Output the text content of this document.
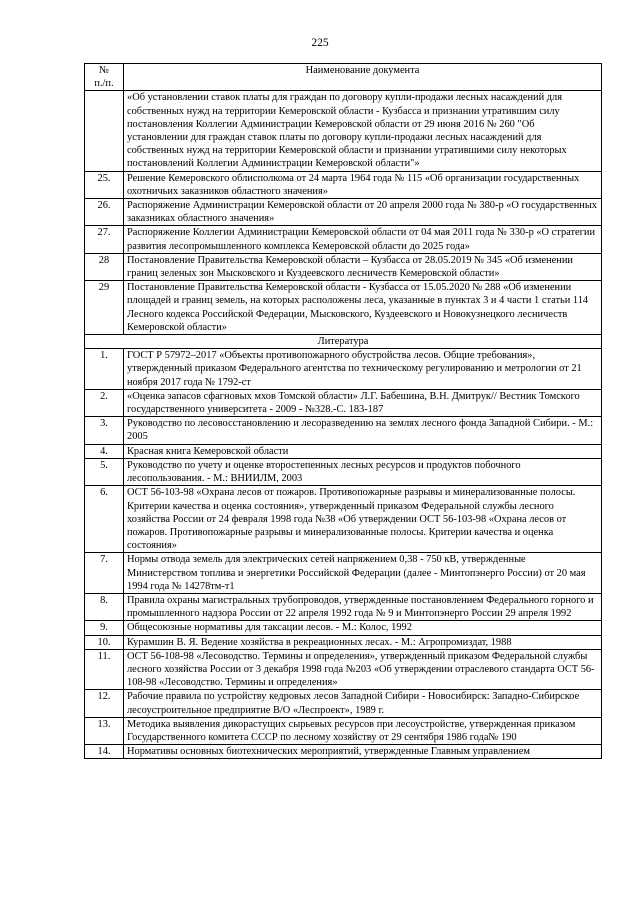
225
№
п./п.	Наименование документа
	«Об установлении ставок платы для граждан по договору купли-продажи лесных насаждений для собственных нужд на территории Кемеровской области - Кузбасса и признании утратившим силу постановления Коллегии Администрации Кемеровской области от 29 июня 2016 № 260 "Об установлении для граждан ставок платы по договору купли-продажи лесных насаждений для собственных нужд на территории Кемеровской области и признании утратившими силу некоторых постановлений Коллегии Администрации Кемеровской области"»
25.	Решение Кемеровского облисполкома от 24 марта 1964 года № 115 «Об организации государственных охотничьих заказников областного значения»
26.	Распоряжение Администрации Кемеровской области от 20 апреля 2000 года № 380-р «О государственных заказниках областного значения»
27.	Распоряжение Коллегии Администрации Кемеровской области от 04 мая 2011 года № 330-р «О стратегии развития лесопромышленного комплекса Кемеровской области до 2025 года»
28	Постановление Правительства Кемеровской области – Кузбасса от 28.05.2019 № 345 «Об изменении границ зеленых зон Мысковского и Куздеевского лесничеств Кемеровской области»
29	Постановление Правительства Кемеровской области - Кузбасса от 15.05.2020 № 288 «Об изменении площадей и границ земель, на которых расположены леса, указанные в пунктах 3 и 4 части 1 статьи 114 Лесного кодекса Российской Федерации, Мысковского, Куздеевского и Новокузнецкого лесничеств Кемеровской области»
Литература	
1.	ГОСТ Р 57972–2017 «Объекты противопожарного обустройства лесов. Общие требования», утвержденный приказом Федерального агентства по техническому регулированию и метрологии от 21 ноября 2017 года № 1792-ст
2.	«Оценка запасов сфагновых мхов Томской области» Л.Г. Бабешина, В.Н. Дмитрук// Вестник Томского государственного университета - 2009 - №328.-С. 183-187
3.	Руководство по лесовосстановлению и лесоразведению на землях лесного фонда Западной Сибири. - М.: 2005
4.	Красная книга Кемеровской области
5.	Руководство по учету и оценке второстепенных лесных ресурсов и продуктов побочного лесопользования. - М.: ВНИИЛМ, 2003
6.	ОСТ 56-103-98 «Охрана лесов от пожаров. Противопожарные разрывы и минерализованные полосы. Критерии качества и оценка состояния», утвержденный приказом Федеральной службы лесного хозяйства России от 24 февраля 1998 года №38 «Об утверждении ОСТ 56-103-98 «Охрана лесов от пожаров. Противопожарные разрывы и минерализованные полосы. Критерии качества и оценка состояния»
7.	Нормы отвода земель для электрических сетей напряжением 0,38 - 750 кВ, утвержденные Министерством топлива и энергетики Российской Федерации (далее - Минтопэнерго России) от 20 мая 1994 года № 14278тм-т1
8.	Правила охраны магистральных трубопроводов, утвержденные постановлением Федерального горного и промышленного надзора России от 22 апреля 1992 года № 9 и Минтопэнерго России 29 апреля 1992
9.	Общесоюзные нормативы для таксации лесов. - М.: Колос, 1992
10.	Курамшин В. Я. Ведение хозяйства в рекреационных лесах. - М.: Агропромиздат, 1988
11.	ОСТ 56-108-98 «Лесоводство. Термины и определения», утвержденный приказом Федеральной службы лесного хозяйства России от 3 декабря 1998 года №203 «Об утверждении отраслевого стандарта ОСТ 56-108-98 «Лесоводство. Термины и определения»
12.	Рабочие правила по устройству кедровых лесов Западной Сибири - Новосибирск: Западно-Сибирское лесоустроительное предприятие В/О «Леспроект», 1989 г.
13.	Методика выявления дикорастущих сырьевых ресурсов при лесоустройстве, утвержденная приказом Государственного комитета СССР по лесному хозяйству от 29 сентября 1986 года№ 190
14.	Нормативы основных биотехнических мероприятий, утвержденные Главным управлением
